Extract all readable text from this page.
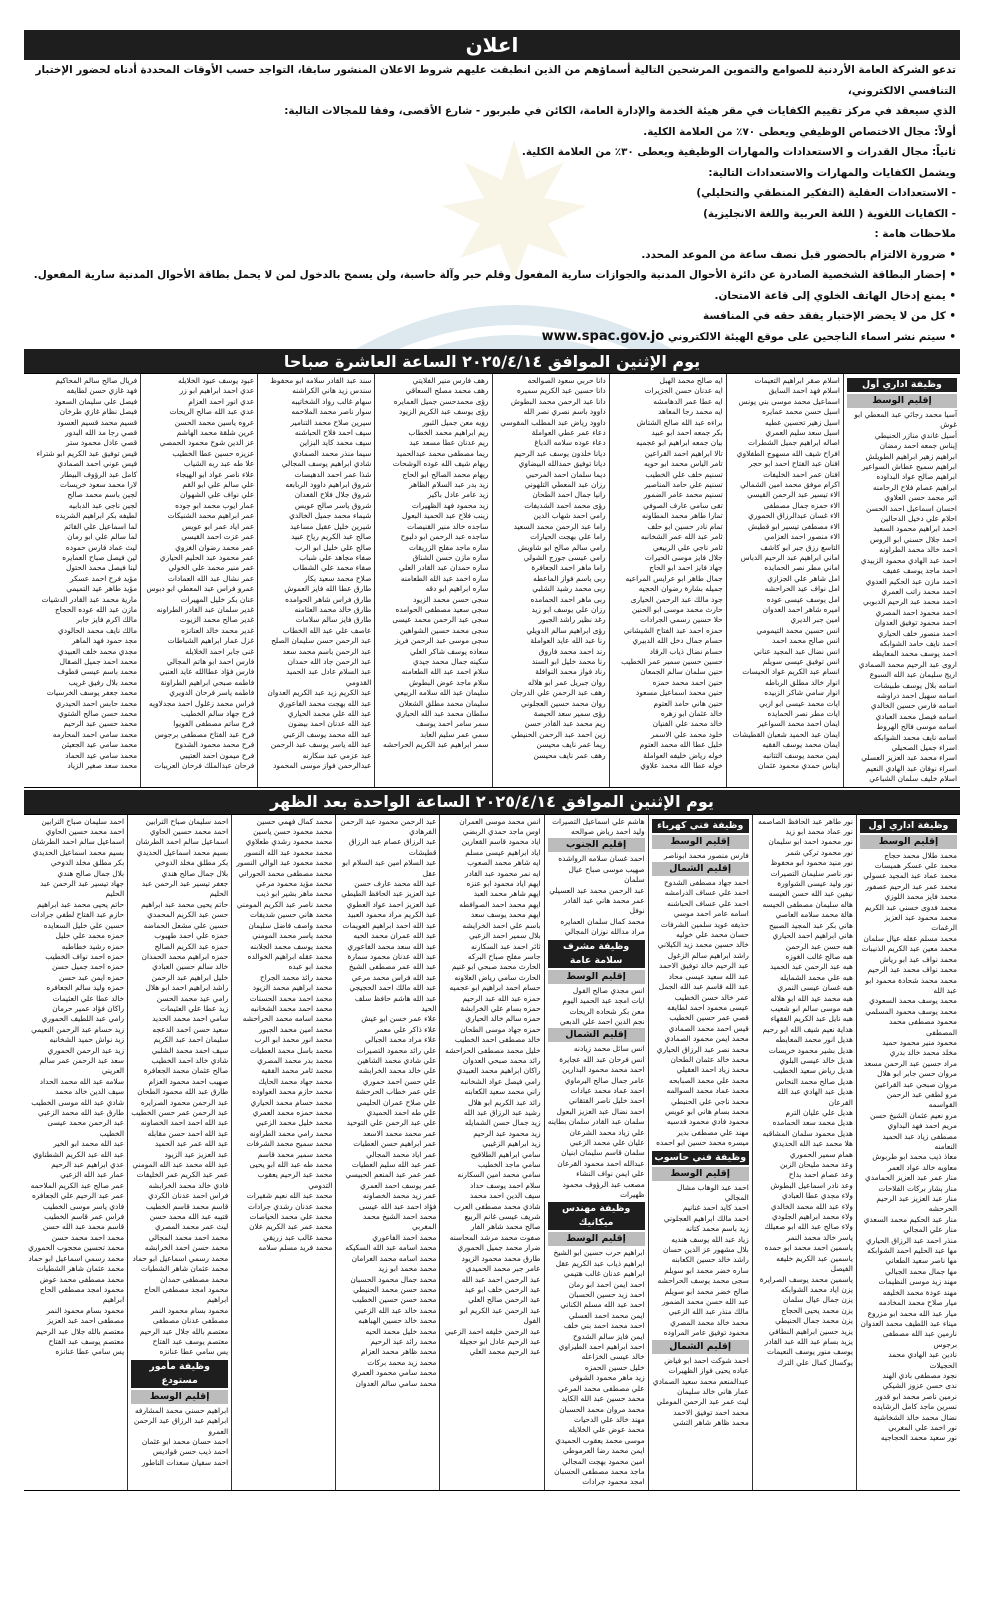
اعلان

تدعو الشركة العامة الأردنية للصوامع والتموين المرشحين التالية أسماؤهم من الذين انطبقت عليهم شروط الاعلان المنشور سابقا، التواجد حسب الأوقات المحددة أدناه لحضور الإختبار التنافسي الالكتروني،

الذي سيعقد في مركز تقييم الكفايات في مقر هيئة الخدمة والإدارة العامة، الكائن في طبربور - شارع الأقصى، وفقا للمجالات التالية:

أولاً: مجال الاختصاص الوظيفي ويعطى ٧٠٪ من العلامة الكلية.

ثانياً: مجال القدرات و الاستعدادات والمهارات الوظيفية ويعطى ٣٠٪ من العلامة الكلية.

ويشمل الكفايات والمهارات والاستعدادات التالية:

- الاستعدادات العقلية (التفكير المنطقي والتحليلي)

- الكفايات اللغوية ( اللغة العربية واللغة الانجليزية)

ملاحظات هامة :

• ضرورة الالتزام بالحضور قبل نصف ساعة من الموعد المحدد.

• إحضار البطاقة الشخصية الصادرة عن دائرة الأحوال المدنية والجوازات سارية المفعول وقلم حبر وآلة حاسبة، ولن يسمح بالدخول لمن لا يحمل بطاقة الأحوال المدنية سارية المفعول.

• يمنع إدخال الهاتف الخلوي إلى قاعة الامتحان.

• كل من لا يحضر الإختبار يفقد حقه في المنافسة

• سيتم نشر اسماء الناجحين على موقع الهيئة الالكتروني www.spac.gov.jo

يوم الإثنين الموافق ٢٠٢٥/٤/١٤ الساعة العاشرة صباحا
وظيفة اداري أول
إقليم الوسط
آسيا محمد رجائي عبد المعطي ابو غوش
أسيل غاندي منازر الحنيطي
إيناس جمعه احمد رمضان
ابراهيم زهير ابراهيم الطويلش
ابراهيم سميح عطاش السواعير
ابراهيم صالح عواد البداوده
ابراهيم عصام فلاح الرحامنه
اثير محمد حسن العلاوي
احسان اسماعيل احمد الحسن
احلام علي دخيل الدحالين
احمد ابراهيم محمود السعيد
احمد جلال حسني ابو الروس
احمد خالد محمد الطراونه
احمد عبد الهادي محمود الزبيدي
احمد ماجد يوسف عفيف
احمد مازن عبد الحكيم العدوي
احمد محمد راتب العمري
احمد محمد عبد الرحيم الدبوبي
احمد محمود احمد المصري
احمد محمود توفيق العدوان
احمد منصور خلف الحياري
احمد نايف حامد الشوابكه
احمد يوسف محمد المعايطه
اروى عبد الرحيم محمد الصمادي
اريج سليمان عبد الله السبوع
اسامه بلال يوسف طبيشات
اسامه سهيل احمد دراوشه
اسامه فارس حسين الخالدي
اسامه فيصل محمد العبادي
اسامه موسى فالح الهروط
اسامه نايف محمد الشوابكه
اسراء جميل الصحيلي
اسراء محمد عبد العزيز العسلي
اسراء نوفان عبد الهادي النعيم
اسلام خليف سلمان الشباعي
اسلام صقر ابراهيم التعيمات
اسلام فهد احمد السايق
اسماعيل محمد موسى بني يونس
اسيل حسن محمد عمايره
اسيل زهير تحسين عطيه
اسيل سعد سليم العمري
اصاله ابراهيم جميل الشطرات
افراح شيف الله مسهوج الطفلاوي
افنان عبد الفتاح احمد ابو حجر
افنان عمر احمد الخليفات
اكرام موفق محمد امين الشمالي
الاء تيسير عبد الرحمن القيسي
الاء حمزه جمال مصطفى
الاء غسان عبدالرزاق الحموري
الاء مصطفى تيسير ابو قطيش
الاء منصور احمد العزامي
التاسع رزق جبر ابو كاشف
اماني ابراهيم عبد الرحيم الدباس
اماني مطر نصر الحمايده
امل شاهر علي الجزازي
امل نواف عيد الحراحشه
امل يوسف عيسى عوده
اميره شاهر احمد العدوان
امين جبر الديري
انس حسين محمد التيمومي
انس صالح محمد احمد
انس نضال عبد المجيد عناني
انس توفيق عيسى سويلم
انسام عبد الكريم عواد الحيسات
انوار خالد مطلق الرباطه
انوار سامي شاكر الزبيده
ايات محمد عيسى ابو ازبي
ايات مطر نصر الحمايده
ايمان احمد محمد السواعير
ايمان عبد الحميد شعبان القطيشات
ايمان محمد يوسف الفقيه
ايمن محمد يوسف التتانبه
ايناس حمدي محمود عثمان
ايه صالح محمد الهبل
ايه عدنان حسن الجزيرات
ايه عطا عمر الدهامشه
ايه محمد رجا المعاهد
براءه عبد الله صالح الشتاش
بكر جمعه احمد ابو عبيد
بيان جمعه ابراهيم ابو عجميه
تالا ابراهيم احمد القراعين
تامر الياس محمد ابو حويه
تسنيم خلف علي الخطيب
تسنيم علي حامد المناصير
تسنيم محمد عامر الضمور
تقى سامي عارف الصوفي
تمارا طاهر محمد المطاونه
تمام نادر حسين ابو حلف
ثامر عبد الله عمر الشخانبه
ثامر ناجي علي الربيعي
جلال فايز موسى الحيرات
جهاد فايز احمد ابو الحاج
جمال طاهر ابو عرايس المراعيه
جميله بشارة رضوان الحجيه
جود مالك عبد الرحمن الحيارى
حارث محمد موسى ابو الحنين
حلا حسين رسمي الجرادات
حمزه احمد عبد الفتاح الشيشاني
حسام جمال دخل الله الدبيري
حسام نضال ذياب الرقاد
حسين حسين سمير عمر الخطيب
حنين سلمان سالم الجمعان
حنين احمد محمد حمزه
حنين محمد اسماعيل مسعود
حنين هاني حامد العتوم
خالد عثمان ابو زهره
خالد محمد علي الفنيان
خلود محمد علي الاسمر
خليل عطا الله محمد العتوم
خوله رياض خليفه العواملة
خوله عطا الله محمد علاوي
دانا حربي سعود الصوالحه
دانا حسين عبد الكريم سميره
دانا عبد الرحمن محمد البطوش
داوود باسم نصري نصر الله
داوود رياض عبد المطلب المقوسي
دعاء عمر عطي العواملة
دعاء عوده سلامه الدباغ
ديانا خلدون يوسف عبد الرحيم
ديانا توفيق حمدالله البيضاوي
ديما سلمان احمد المرحبي
رزان عبد المعطي التلهوني
رانيا جمال احمد الطحان
رؤى محمد احمد الشديفات
رامي احمد شهاب الدين
راما عبد الرحمن محمد السعيد
راما علي بهجت الحيارات
رامي سالم صالح ابو شاويش
رامي عيسى جورج الشولي
راما ماهر احمد الجعافرة
ربى باسم فواز الماعطه
ربى محمد رشيد الشلبي
ربى ماهر احمد الحمامده
رزان علي يوسف ابو زيد
رغد نظير راشد الجبور
رؤى ابراهيم سالم الدويلي
رنا عبد الله عايد العواملة
رند احمد محمد فاروق
رنا محمد خليل ابو السند
رناد فواز محمد النوافلة
روان جبريل عمر ابو هلاله
رهف عبد الرحمن علي الدرجان
روان محمد حسين العجلوني
رؤى سمير سعد الحيصة
ريم محمد عبد القادر حسن
زين احمد عبد الرحمن الحنيطي
ريما عمر نايف محيسن
رهف عمر نايف محيسن
رهف فارس منير الفلايتي
رهف محمد مصلح السعاقي
رؤى محمدحسن جميل العمايره
رؤى يوسف عبد الكريم الزيود
رويه معن جميل الثبور
ريم ابراهيم محمد الخطاب
ريم عدنان عطا مسعد عبد
ريما مصطفى محمد عبدالحميد
ريهام شيف الله عوده الوشحات
ريهام محمد الصالح ابو الحاج
زيد بدر عبد السلام الظاهر
زيد عامر عادل باكير
زيد محمود فهد الظهيرات
زينب فلاح عبد الحميد البعول
ساجده خالد منير القنيصات
ساجده عبد الرحمن ابو دلبوح
ساره ماجد مفلح الزريقات
ساره مازن حسن الشناق
ساره حمدان عبد القادر العلي
ساره احمد عبد الله الطعامنه
ساره ابراهيم ابو دقه
سجى حسن محمد الزيود
سجى سعيد مصطفى الحوامده
سجى عبد الرحمن محمد عيسى
سجى محمد حسين الشواهين
سجى موسى عبد الرحمن فريز
سعاده يوسف شاكر العلي
سكينه جمال محمد جيدي
سلام احمد عبد الله الطعامنه
سلام ماجد عوض البطوش
سليمان عبد الله سلامه الربيعي
سليمان محمد مطلق الشعلان
سلطان محمد عبد الله الحياري
سمر سامر احمد يوسف
سمي عمر سليم العابد
سمر ابراهيم عبد الكريم الحراحشه
سند عبد القادر سلامه ابو محفوظ
سندس زيد هاني الكراشنه
سهام غالب رواد الشخاتيبه
سوار ناصر محمد الملاحمه
سيرين صلاح محمد التنامير
سيف احمد فلاح الحباشنه
سيف محمد كايد البزاين
سيما منذر محمد الصمادي
شادي ابراهيم يوسف المجالي
شذا عمر احمد الدهيسات
شروق ابراهيم داوود الربابعه
شروق جلال فلاح القعدان
شروق ياسر صالح عويس
شيماء محمد جميل الخالدي
شيرين خليل عقيل مساعيد
صالح عبد الكريم رياح عبيد
صالح علي خليل ابو الرب
صفاء مجاهد علي شباب
صفاء محمد علي الشطاب
صلاح محمد سعيد بكار
طارق عطا الله فايز العموش
طارق فراس شاهر الحوامده
طارق خالد محمد العثامنه
طارق فايز سالم سلامات
عاصف علي عبد الله الخطاب
عبد الرحمن حسن سليمان الصلح
عبد الرحمن باسم محمد سعد
عبد الرحمن جاد الله حمدان
عبد السلام عادل عبد الحميد القدومي
عبد الكريم زيد عبد الكريم العدوان
عبد الله بهجت محمد الفاعوري
عبد الله علي محمد الحياري
عبد الله عدنان احمد بيضون
عبد الله محمد يوسف الزعبي
عبد الله ياسر يوسف عبد الرحمن
عبد عزمي عبد سكارنه
عبدالرحمن فواز موسى المحمود
عبود يوسف عبود الخلايله
عدي احمد ابراهيم ابو زر
عدي انور احمد العزام
عدي عبد الله صالح الريحات
عروه ياسين محمد الحسن
عرين شلقة محمد الهاشم
عز الدين شوح محمود الحمصي
عزيزه حسين عطا الخطيب
علا طه عبد ربه الشياب
علاء ناصر عواد ابو الهيجاء
علي سالم علي ابو القم
علي نواف علي الشهوان
عمار ايوب محمد ابو جوده
عمر ابراهيم محمد الشنيكات
عمر اياد عمر ابو عويس
عمر عزت احمد القيسي
عمر محمد رضوان الغزوي
عمر محمود عبد الحليم الحياري
عمر منير محمد علي الخولي
عمر نشال عبد الله العمادات
عمرو فراس عبد المعطي ابو دبوس
عنان بكر خليل المهيرات
غدير سلمان عبد القادر الطراونه
غدير صالح محمد الزيوت
غدير محمد خالد العنانزه
غزل عمار ابراهيم الشباطات
غنى جابر احمد الخلايله
فارس احمد ابو هاتم المجالي
فارس فؤاد عطاالله عايد العنبي
فاطمه صبحي ابراهيم الطراونة
فاطمه ياسر فرحان الدويري
فراس محمد زغلول احمد مجدلاويه
فرح جهاد سالم الخطيب
فرح ساتم مصطفى الفويوا
فرح عبد الفتاح مصطفى برجوس
فرح محمد محمود الشدوح
فرح ميمون احمد العتيبي
فرحان عبدالملك فرحان العريبات
فريال صالح سالم المحاكيم
فهد غازي حسن لطايفه
فيصل علي سليمان السعود
فيصل نظام غازي طرخان
قسيم محمد قسيم العسود
قصي رجا مد الله البدور
قصي عادل محمود ستر
قيس توفيق عبد الكريم ابو شتراء
قيس عوني احمد الصمادي
كامل عبد الرؤوف البيطار
لارا محمد سعود خريسات
لجين باسم محمد صالح
لجين ناجي عبد الدبابيه
لطيفه بكر ابراهيم الشريده
لما اسماعيل علي القائم
لما سالم علي ابو رمان
ليث عماد فارس حموده
لين فيصل صباح العمايره
لينا فيصل محمد الحتول
مؤيد فرح احمد عسكر
مؤيد طاهر عيد التميمي
مارية محمد عبد القادر الدشيات
مازن عبد الله عوده الحجاج
مالك اكرم فايز جابر
مالك نايف محمد الحالودي
مجد حمود فهد الماهر
مجدي محمد خلف العبيدي
محمد احمد جميل الصقال
محمد باسم عيسى قطوف
محمد بلال رفيق غريب
محمد جعفر يوسف الخرسيات
محمد حابس احمد الحيدري
محمد حسن صالح الشتوي
محمد حسين عبد الرحيم
محمد سامي احمد المحارمه
محمد سامي عيد الجعيثن
محمد سامي عيد الحماد
محمد سعد صغير الزياد
يوم الإثنين الموافق ٢٠٢٥/٤/١٤ الساعة الواحدة بعد الظهر
وظيفة اداري أول
إقليم الوسط
محمد طلال محمد حجاج
محمد علي عسكر هميسات
محمد عماد عبد المجيد عسولي
محمد عمر عبد الرحيم عصفور
محمد فايز محمد اللوزي
محمد فدوى حسني عبد الكريم
محمد محمود عبد العزيز الرغمات
محمد مسلم عقله عيال سلمان
محمد معين عبد الكريم الذنيبات
محمد نواف عبد ابو رياش
محمد نواف محمد عبد الرحيم
محمد محمد شحادة محمود ابو عبد الله
محمد يوسف محمد السعودي
محمد يوسف محمود المسلمي
محمود مصطفى محمد المصطفى
محمود منير محمود حميد
مخلد محمد خالد بدري
مراد حسين عبد الرحمن مسعد
مروان حسن جابر ابو هلال
مروان صبحي عبد القراعين
مرو لطفي عبد الرحمن القواسمه
مرو نعيم عثمان الشيخ حسن
مريم احمد فهد البداوي
مصطفى زياد عبد الحميد النعامنه
معاذ ذيب محمد ابو طربوش
معاويه خالد عواد العمر
منار عمر عبد العزيز الحمامدي
منار بشار بركات الفلاحات
منار عبد العزيز عبد الرحيم الحرحشه
منار عبد الحكيم محمد السعدي
منار علي المجالي
منذر احمد عبد الرزاق الحياري
مها عبد الحليم احمد الشوابكه
مها ناصر سعيد الطعاني
مها جمال محمد الجبالي
مهند زيد موسى النظيمات
مهند عودة محمد الخليفه
ميار صلاح محمد المخادمه
ميار عبد الله محمد ابو مزروع
ميناء عبد اللطيف محمد العدوان
نارمين عبد الله مصطفى برجوس
نادين عبد الهادي محمد الحجيلات
نجود مصطفى بادي الهند
ندى حسن عزوز الشيكي
نرمين ناصر محمد ابو قدور
نسرين ماجد كامل الرشايده
نضال محمد خالد الشخاشية
نور احمد علي المغربي
نور سعيد محمد الحجاجيه
نور طاهر عبد الحافظ الصاصمه
نور عماد محمد ابو زيد
نور محمود احمد ابو سليمان
نور محمود تركي شمر
نور منيد محمود ابو محفوظ
نور ناصر سليمان التصيرات
نور وليد عيسى الشواورة
نيفين عبد الله حسن العيسه
هاله سليمان مصطفى الحيسه
هالة محمد سلامه العاصي
هاني بكر عبد المجيد الصبيح
هاني ابراهيم احمد الحياري
هبه حسن عبد الرحمن
هبه صالح غالب الغوزه
هبه عبد الرحمن عبد الحميد
هبه علي محمد الشمايله
هبه غسان عيسى النمري
هبه محمد عيد الله ابو هلاله
هبه موسى سالم ابو شعيب
هبه نايل عبد الكريم الفقهاء
هداية نعيم شيف الله ابو رحيم
هديل انور محمد المعايطه
هديل بشير محمود خريسات
هديل خالد عيسى البلوي
هديل رياض سعيد الخطيب
هديل صالح محمد النحاس
هديل عبد الهادي عبد الله القرعان
هديل علي عليان الترم
هديل محمد سعد الحمامده
هديل محمود سلمان المشاقبه
هلا محمد عبد الله الحديدي
همام سمير الحموري
وعد محمد مليحان الزبن
وعد عصام احمد بداح
وعد نادر اسماعيل البطوش
ولاء مجدي عطا العبادي
ولاء عبد الله محمد الخالدي
ولاء محمد ابراهيم الجلودي
ولاء صالح عبد الله ابو صعيلك
ياسر خالد محمد النمر
ياسمين احمد محمد ابو حمده
ياسمين عبد الكريم خليفه الفيصل
ياسمين محمد يوسف الصرايرة
يزن اياد محمد الشوابكه
يزن جمال عيال سلمان
يزن محمد يحيى الحجاج
يزن محمد جمال الحنيطي
يزيد حسين ابراهيم النطافي
يزيد بسام عبد الله عبد القادر
يوسف منور يوسف النعيمات
يوكسال كمال علي الترك
وظيفة فني كهرباء
إقليم الوسط
فارس منصور محمد ابوناصر
إقليم الشمال
احمد جهاد مصطفى الشدوح
احمد علي عساف الدرامشه
احمد علي عساف الحباشنه
اسامه عامر احمد موسي
حذيفه عويد سلمين الشرفات
حسان محمد علي خوليه
خالد حسين محمد زيد الكيلاني
راشد ابراهيم سالم الزغول
عبد الرحيم خالد توفيق الاحمد
عبد الله سعيد عيسى محاد
عبد الله قاسم عبد الله الجمل
عمر خالد حسن الخطيب
عيسى محمود احمد لطايفه
قصي عمر حسين الخطيب
قيس احمد محمد الصمادي
محمد ايمن محمود الصمادي
محمد نصر عبد الرزاق الحياري
محمد خالد عثمان الطحان
محمد زياد احمد العقيلي
محمد علي محمد الصبابحه
محمد عماد محمد السوالمه
محمد ناجي علي الحنيطي
محمد بسام هاني ابو عويس
محمود فادي محمود قدسيه
مهند علي مصطفى بدير
ميسره محمد حسين ابو احمده
وظيفة فني حاسوب
إقليم الوسط
احمد عبد الوهاب مشال المجالي
احمد كايد احمد غنانيم
احمد مالك ابراهيم العجلوني
زيد باسم محمد كتانه
زياد عبد الله يوسف هنديه
بلال مشهور عز الدين حسان
راشد خالد حسين الكعابنه
ساره خضر محمد ابو سويلم
سجى محمد يوسف الحراحشه
صالح خضر محمد ابو سويلم
عبد الله حسن محمد الضمور
مالك منذر عبد الله الزعبي
محمد خالد محمد المصري
محمود توفيق عامر المراوده
إقليم الشمال
احمد شوكت احمد ابو فياض
عباده يحيى فواز الظهيرات
عبدالمنعم محمد سعيد الصمادي
عمار هاني خالد سليمان
ليث عمر عبد الرحمن الموملي
محمد احمد توفيق الاحمد
محمد ظاهر شاهر التشي
هاشم علي اسماعيل التصيرات
وليد احمد رياض صوالحه
إقليم الجنوب
احمد غسان سلامه الرواشده
صهيب موسى صباح عيال سلمان
عبد الرحمن محمد عبد العسيلي
عمر محمد هاني عبد القادر نوفل
محمد كمال سلمان العمايره
مراد مدالله نوزان المجالي
وظيفة مشرف سلامة عامة
إقليم الوسط
انس مجدي صالح الفول
ايات امجد عبد الحميد اليوم
معن بكر شحاده الريحات
نجم الدين احمد علي الدبعي
إقليم الشمال
انس سائل محمد زيادنه
انس فرحان عبد الله عجايرة
احمد محمد محمود البدارين
عامر جمال صالح البرماوي
احمد عماد محمد عيادات
احمد خليل ناصر الفتقاني
احمد نضال عبد العزيز البعول
سلمان عبد القادر سلمان بطاينه
علي زياد محمد الشرعان
عليان علي محمد الزعبي
سلمان قاسم سليمان ابنيان
عبدالله احمد محمود القرعان
علي ايمن نواف النشاء
مصعب عبد الرؤوف محمود ظهيرات
وظيفة مهندس ميكانيك
إقليم الوسط
ابراهيم حرب حسين ابو الشيخ
ابراهيم ذياب عبد الكريم عقل
ابراهيم عدنان غالب هتيمي
احمد ايمن احمد ابو رمان
احمد زيد حسين الحسبان
احمد عبد الله مسلم الكناني
ايمن محمد احمد العسلي
احمد محمد احمد بني خلف
ايمن فايز سالم الشدوح
احمد ابراهيم احمد الطيراوي
خالد عيسى الخزاعله
خليل حسين الحمزه
زيد ماهر محمود الشوفي
علي مصطفى محمد المرعي
محمد حسين عبد الله الكايد
محمد مروان محمد الحسبان
مهند خالد علي الدحيات
محمد عوض علي الخلايله
موسى محمد يعقوب الحميدي
ايمن محمد رضا العرموطي
امين محمود بهجت المجالي
ماجد محمد مصطفى الحسبان
امجد محمود جرادات
انس محمد موسى العمران
اوس ماجد حمدي الربضي
اياد محمود قاسم القعارين
اياد ابراهيم عيسى مسلم
ايه شاهر محمد الصعوب
ايه نمر محمود عبد القادر
ايهم اياد محمود ابو عنزه
ايهم شاهر محمد العبد
ايهم محمد احمد الصوافطه
ايهم محمد يوسف سعد
باسم علي احمد الخرايشه
بلال سمير احمد الزعبي
ثائر احمد عبد السكارنه
جاسر مفلح صباح البركه
الحارث محمد صبحي ابو غنيم
الحارث سامي رياض العلاونه
حسام احمد ابراهيم ابو عجميه
حمزه عبد الله عبد الرحيم
حمزه بسام علي الخرابشة
حمزه سالم خالد الحياري
حمزه جهاد موسى الطحان
خالد مصطفى احمد الخطيب
خليل محمد مصطفى الحراحشه
رائد محمد صبحي العدوان
راكان ابراهيم محمد العبيدي
رامي فيصل عواد الشخانبه
راني محمد سعيد الكعابنه
رائد عبد الكريم ابو هلال
رشيد عبد الرزاق عبد الله
زيد جمال حسن الشمايله
زيد محمود عبد الرحيم
زيد ابراهيم الزغيبي
سامي ابراهيم الطلافيح
سامي ماجد الخطيب
سامي محمد امين السكارنه
سلام احمد يوسف حداد
سيف الدين احمد محمد
شادي محمد مصطفى العرب
شريف عيسى غانم الربيع
صالح محمد شاهر الفار
صفوت محمد مرشد المحاسنه
ضرار محمد جميل الحموري
طارق محمد محمود الزيود
عامر جبر محمد الحميدي
عبد الرحمن احمد عبد الله
عبد الرحمن خلف ابو عيد
عبد الرحمن صالح العلي
عبد الرحمن عبد الكريم ابو الفول
عبد الرحمن خليفه احمد الزعبي
عبد الرحيم عادل ابو حجيلة
عبد الرحيم محمد العلي
عبد الرحمن محمود عبد الرحمن الفرهادي
عبد الرزاق عصام عبد الرزاق قطيشات
عبد السلام امين عبد السلام ابو عقل
عبد الله محمد عارف حسن
عبد العزيز عبد الحافظ الطيطي
عبد العزيز احمد عواد العطوي
عبد الكريم مراد محمود العبيد
عبد الله احمد ابراهيم العويمات
عبد الله عمران محمد الحيه
عبد الله سعد محمد الفاعوري
عبد الله عدنان محمود سمارة
عبد الله عمر مصطفى الشيخ
عبد الله فراس محمد مرعي
عبد الله مالك احمد الحجيجي
عبد الله هاشم حافظ سلف الحيد
علاء عمر حسن ابو عيش
علاء ذاكر علي معمر
علاء مراد محمد الجبالي
علي رائد محمود التصيرات
علي شادي محمد الشاهين
علي خالد محمد الخرابشه
علي حسن احمد حموري
علي عمر خطاب الحرحشة
علي صلاح عمران الحليمي
علي طه احمد الحميدي
علي عبد الرحمن علي التوحيد
عمر محمد محمد الاسعد
عمر ابراهيم حسن العطيات
عمر اياد محمد المجالي
عمر عبد الله سليم العطيات
عمر عمر عبد المنعم الحبيسي
عمر يوسف احمد العمري
عمر زيد محمد الخصاونه
فؤاد احمد عبد الله عيسى
محمد احمد الشيخ محمد المغربي
محمد احمد الفاعوري
محمد اسامه عبد الله السكيكه
محمد اسامه محمد العرامان
محمد محمد ابو زيد
محمد جمال محمود الحسبان
محمد حسن محمد الحنيطي
محمد حسن حسين الخطيب
محمد خالد عبد الله الزعبي
محمد خالد حسين الهباهبه
محمد خليل محمد الحيه
محمد رائد عبد الرحيم
محمد ظاهر محمد العزام
محمد زيد محمد بركات
محمد سامي محمود العمري
محمد سامي سالم العدوان
محمد كمال فهمي حسين
محمد محمود حسن ياسين
محمد محمود رشدي طعلاوي
محمد محمود عبد الله النسور
محمد محمود عبد الوالي النسور
محمد مصطفى محمد الحوراني
محمد مؤيد محمود مرعي
محمد ماهر بشير ابو ذيب
محمد ناصر عبد الكريم المومني
محمد هاني حسين شديفات
محمد واصف فاضل سليمان
محمد ياسر محمد المومني
محمد يوسف محمد الجلابنه
محمد عقله ابراهيم الخوالده
محمد ابو عبده
محمد رائد محمد الجراح
محمد ابراهيم محمد الزيود
محمد احمد محمد الحسنات
محمد احمد محمد الشخانبه
محمد اسامه محمد الحراحشه
محمد امين محمد الجبور
محمد انور محمد ابو الرب
محمد باسل محمد العطيات
محمد بدر محمد المصري
محمد ثامر محمد الفقيه
محمد جهاد محمد الحايك
محمد حازم محمد العواوده
محمد حسام محمد الحياري
محمد حمزه محمد العمري
محمد خليل محمد الزعبي
محمد رامي محمد الطراونه
محمد سميح محمد الشرفات
محمد سمير محمد قاسم
محمد طه عبد الله ابو يحيى
محمد عبد الرحيم يعقوب التدومي
محمد عبد الله نعيم شقيرات
محمد عدنان رشدي جرادات
محمد علي محمد الحياصات
محمد عمر عبد الكريم علان
محمد غالب عبد زريقي
محمد فريد مسلم سلامه
احمد سليمان صباح الترابين
احمد محمد حسين الحاوي
اسماعيل سالم احمد الطرشان
بسيم محمد اسماعيل الحديدي
بكر مطلق مخلد الدوخي
بلال جمال صالح هندي
جعفر تيسير عبد الرحمن عبد الحليم
حاتم يحيى محمد عبد ابراهيم
حسن عبد الكريم المحمدي
حسين علي مشعل الحماضه
حمزه علي احمد طهبوب
حمزه عبد الكريم الصالح
حمزه ابراهيم محمد الحمدان
خالد سالم حسين العبادي
خليل ابراهيم عبد الرحمن
راشد ابراهيم احمد ابو هلال
رامي عيد محمد الحسن
زيد عطا علي العثيمات
سامي احمد محمد الحديد
سعيد حسن احمد الدعجه
سليمان احمد عبد الكريم
سيف احمد محمد الشلبي
شادي خالد احمد الخطيب
صالح عثمان محمد الجعافرة
صهيب احمد محمود العزام
طارق عبد الله محمود الطحان
عبد الرحمن محمود الصرايره
عبد الرحمن عمر حسن الخطيب
عبد الله احمد احمد الخصاونه
عبد الله احمد حسن مقابله
عبد الله عمر عبد الحميد
عبد العزيز عيد الزيود
عبد الله محمد عبد الله المومني
عمر عبد الكريم عمر الخليفات
فادي خالد محمد الخرابشه
فراس احمد عدنان الكردي
قاسم محمد قاسم الخطيب
قتيبه عبد الله محمد حسن
ليث عمر محمد المصري
محمد احمد محمد المجالي
محمد حسن احمد الخرابشه
محمد رسمي اسماعيل ابو حماد
محمد عثمان شاهر الشطيات
محمد مصطفى حمدان
محمود امجد مصطفى الحاج ابراهيم
محمود بسام محمود النمر
مصطفى عدنان مصطفى
معتصم بالله جلال عبد الرحيم
معتصم يوسف عبد الفتاح
يس سامي عطا عنانزه
وظيفة مأمور مستودع
إقليم الوسط
ابراهيم حسني محمد المشارفه
ابراهيم عبد الرزاق عبد الرحمن العمرو
احمد حسان محمد ابو عثمان
احمد ذيب حسن قواديس
احمد سفيان سعدات الناطور
احمد سليمان صباح الترابين
احمد محمد حسين الحاوي
اسماعيل سالم احمد الطرشان
بسيم محمد اسماعيل الحديدي
بكر مطلق مخلد الدوخي
بلال جمال صالح هندي
جهاد تيسير عبد الرحمن عبد الحليم
حاتم يحيى محمد عبد ابراهيم
حازم عبد الفتاح لطفي جرادات
حسين علي خليل السعايده
حمزه محمد علي خليل
حمزه رشيد خطاطبه
حمزه احمد نواف الخطيب
حمزه احمد جميل حسن
حمزه ايمن عبد حسن
حمزه وليد سالم الجعافره
خالد عطا علي العثيمات
راكان فؤاد عمير حرمان
رامي عبد اللطيف الحموري
زيد حسام عبد الرحمن النعيمي
زيد نواش حميد الشخانبه
زيد عبد الرحمن الحموري
سعد عبد الرحمن عمر سالم العريني
سلامه عبد الله محمد الحداد
سيف الدين خالد محمد
شادي عبد الله موسى الخطيب
طارق عبد الله محمد الزعبي
عبد الرحمن محمد عيسى الخطيب
عبد الله محمد ابو الخير
عبد الله عبد الكريم الشطناوي
عدي ابراهيم عبد الرحيم
عمار عبد الله الزعبي
عمر صالح عبد الكريم الملاحمه
عمر عبد الرحيم علي الجعافره
فادي ياسر موسى الخطيب
فراس عمر قاسم الخطيب
قاسم محمد عبد الله حسن
محمد احمد محمد حسن
محمد تحسين محجوب الحموري
محمد رسمي اسماعيل ابو حماد
محمد عثمان شاهر الشطيات
محمد مصطفى محمد عوض
محمود امجد مصطفى الحاج ابراهيم
محمود بسام محمود النمر
مصطفى احمد عبد العزيز
معتصم بالله جلال عبد الرحيم
معتصم يوسف عبد الفتاح
يس سامي عطا عنانزه
